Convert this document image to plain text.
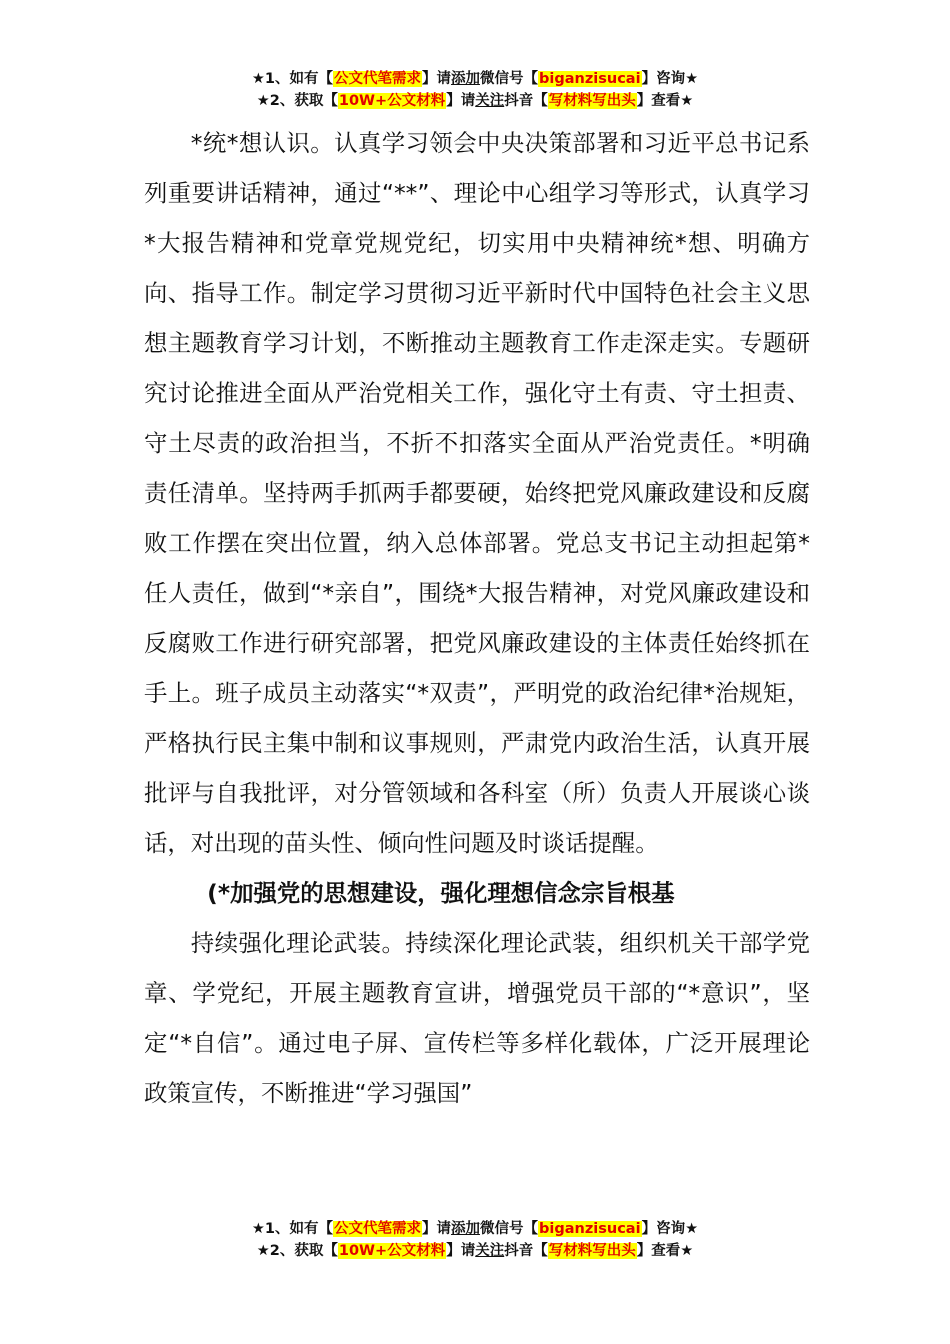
★1、如有【公文代笔需求】请添加微信号【biganzisucai】咨询★
★2、获取【10W+公文材料】请关注抖音【写材料写出头】查看★

*统*想认识。认真学习领会中央决策部署和习近平总书记系列重要讲话精神，通过“**”、理论中心组学习等形式，认真学习*大报告精神和党章党规党纪，切实用中央精神统*想、明确方向、指导工作。制定学习贯彻习近平新时代中国特色社会主义思想主题教育学习计划，不断推动主题教育工作走深走实。专题研究讨论推进全面从严治党相关工作，强化守土有责、守土担责、守土尽责的政治担当，不折不扣落实全面从严治党责任。*明确责任清单。坚持两手抓两手都要硬，始终把党风廉政建设和反腐败工作摆在突出位置，纳入总体部署。党总支书记主动担起第*任人责任，做到“*亲自”，围绕*大报告精神，对党风廉政建设和反腐败工作进行研究部署，把党风廉政建设的主体责任始终抓在手上。班子成员主动落实“*双责”，严明党的政治纪律*治规矩，严格执行民主集中制和议事规则，严肃党内政治生活，认真开展批评与自我批评，对分管领域和各科室（所）负责人开展谈心谈话，对出现的苗头性、倾向性问题及时谈话提醒。

(*加强党的思想建设，强化理想信念宗旨根基

持续强化理论武装。持续深化理论武装，组织机关干部学党章、学党纪，开展主题教育宣讲，增强党员干部的“*意识”，坚定“*自信”。通过电子屏、宣传栏等多样化载体，广泛开展理论政策宣传，不断推进“学习强国”

★1、如有【公文代笔需求】请添加微信号【biganzisucai】咨询★
★2、获取【10W+公文材料】请关注抖音【写材料写出头】查看★
